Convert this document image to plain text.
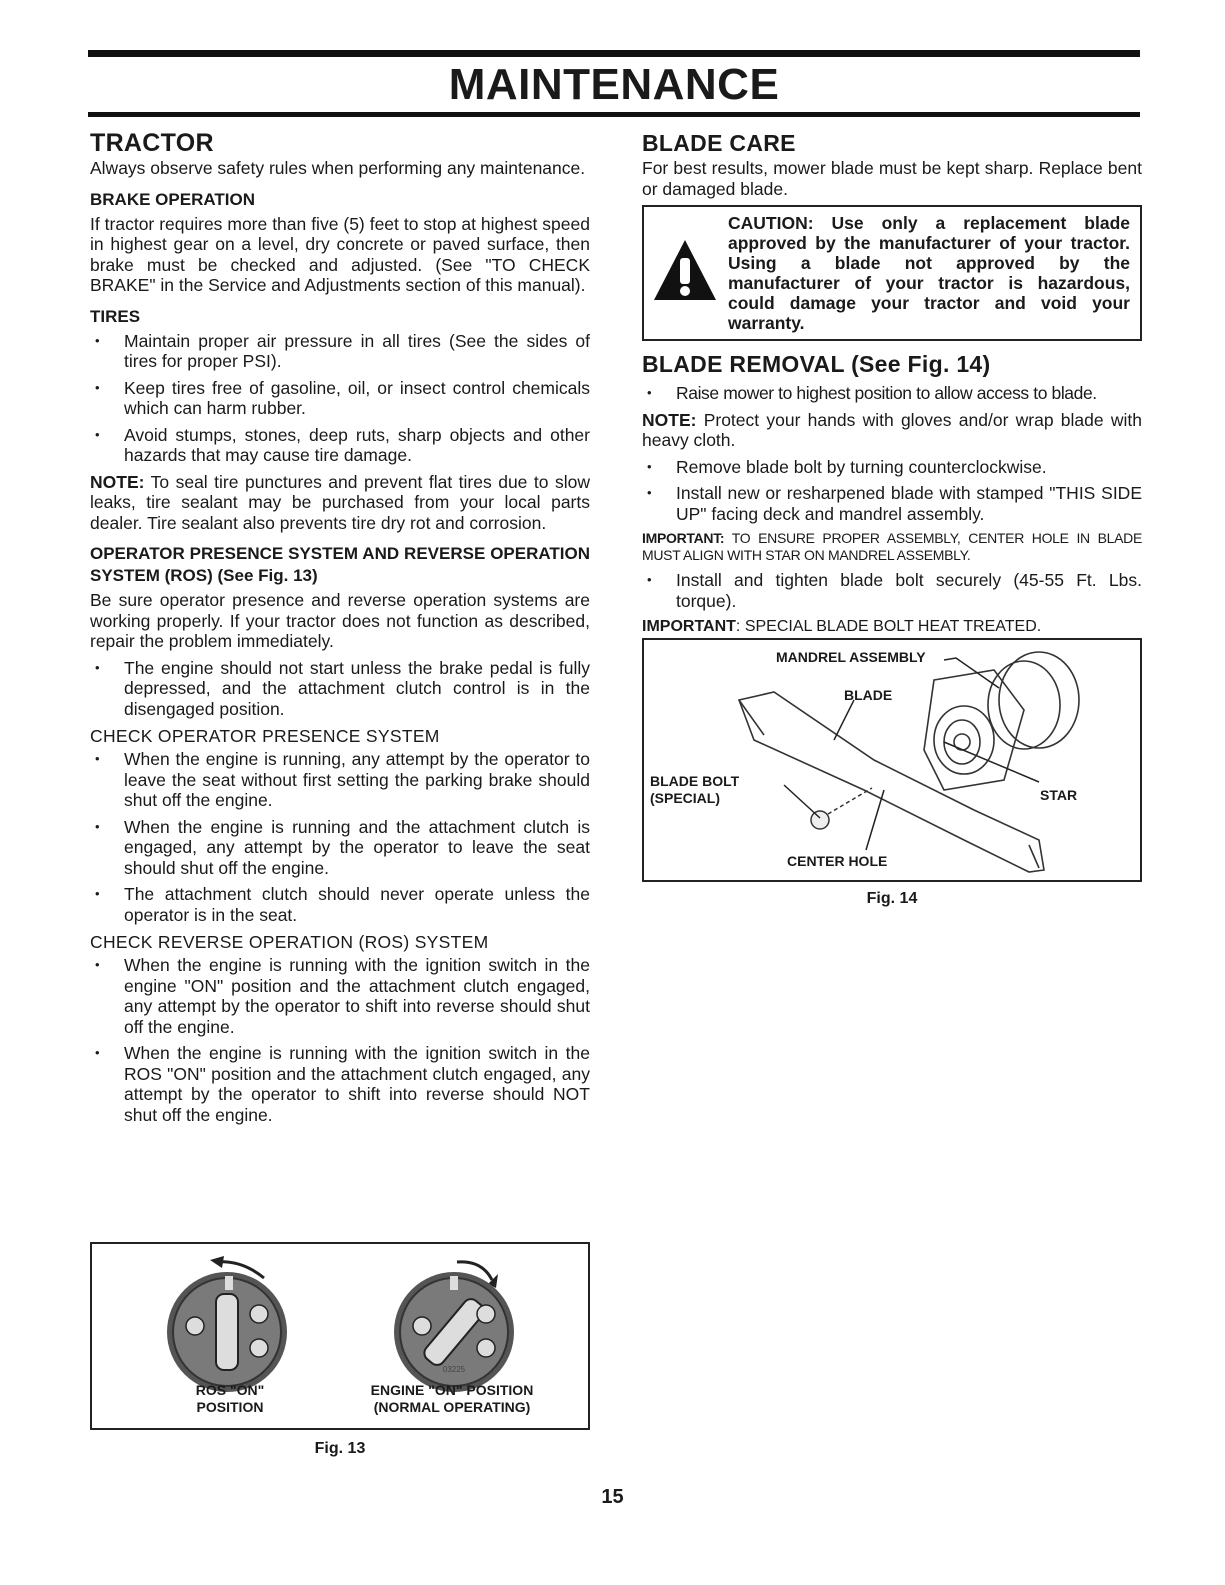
MAINTENANCE
TRACTOR

Always observe safety rules when performing any maintenance.

BRAKE OPERATION

If tractor requires more than five (5) feet to stop at highest speed in highest gear on a level, dry concrete or paved surface, then brake must be checked and adjusted. (See "TO CHECK BRAKE" in the Service and Adjustments section of this manual).

TIRES
• Maintain proper air pressure in all tires (See the sides of tires for proper PSI).
• Keep tires free of gasoline, oil, or insect control chemicals which can harm rubber.
• Avoid stumps, stones, deep ruts, sharp objects and other hazards that may cause tire damage.

NOTE: To seal tire punctures and prevent flat tires due to slow leaks, tire sealant may be purchased from your local parts dealer. Tire sealant also prevents tire dry rot and corrosion.

OPERATOR PRESENCE SYSTEM AND REVERSE OPERATION SYSTEM (ROS) (See Fig. 13)

Be sure operator presence and reverse operation systems are working properly. If your tractor does not function as described, repair the problem immediately.

• The engine should not start unless the brake pedal is fully depressed, and the attachment clutch control is in the disengaged position.
CHECK OPERATOR PRESENCE SYSTEM
• When the engine is running, any attempt by the operator to leave the seat without first setting the parking brake should shut off the engine.
• When the engine is running and the attachment clutch is engaged, any attempt by the operator to leave the seat should shut off the engine.
• The attachment clutch should never operate unless the operator is in the seat.
CHECK REVERSE OPERATION (ROS) SYSTEM
• When the engine is running with the ignition switch in the engine "ON" position and the attachment clutch engaged, any attempt by the operator to shift into reverse should shut off the engine.
• When the engine is running with the ignition switch in the ROS "ON" position and the attachment clutch engaged, any attempt by the operator to shift into reverse should NOT shut off the engine.
03225
ROS "ON"
POSITION
ENGINE "ON" POSITION
(NORMAL OPERATING)
Fig. 13
BLADE CARE

For best results, mower blade must be kept sharp. Replace bent or damaged blade.

CAUTION: Use only a replacement blade approved by the manufacturer of your tractor. Using a blade not approved by the manufacturer of your tractor is hazardous, could damage your tractor and void your warranty.
BLADE REMOVAL (See Fig. 14)
• Raise mower to highest position to allow access to blade.

NOTE: Protect your hands with gloves and/or wrap blade with heavy cloth.

• Remove blade bolt by turning counterclockwise.
• Install new or resharpened blade with stamped "THIS SIDE UP" facing deck and mandrel assembly.

IMPORTANT: TO ENSURE PROPER ASSEMBLY, CENTER HOLE IN BLADE MUST ALIGN WITH STAR ON MANDREL ASSEMBLY.

• Install and tighten blade bolt securely (45-55 Ft. Lbs. torque).

IMPORTANT: SPECIAL BLADE BOLT HEAT TREATED.

MANDREL ASSEMBLY
BLADE
BLADE BOLT
(SPECIAL)	STAR
CENTER HOLE
Fig. 14
15
